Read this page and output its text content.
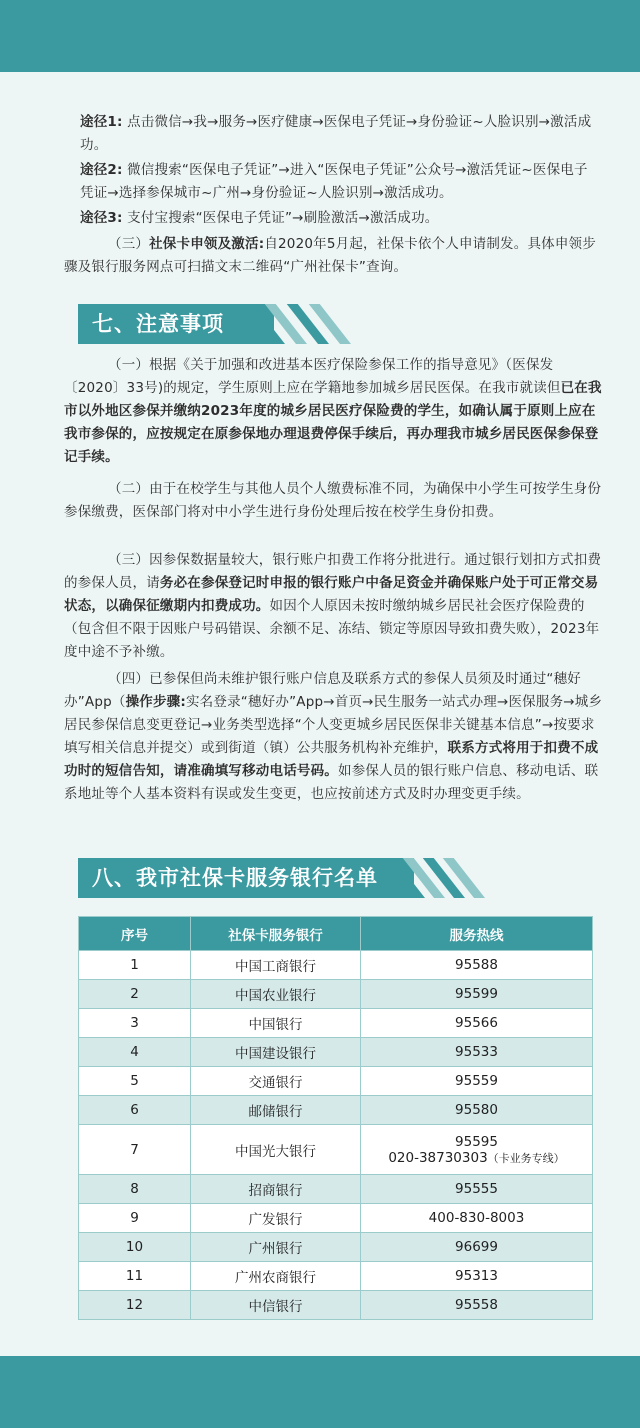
途径1: 点击微信→我→服务→医疗健康→医保电子凭证→身份验证~人脸识别→激活成功。

途径2: 微信搜索“医保电子凭证”→进入“医保电子凭证”公众号→激活凭证~医保电子凭证→选择参保城市~广州→身份验证~人脸识别→激活成功。

途径3: 支付宝搜索“医保电子凭证”→刷脸激活→激活成功。

（三）社保卡申领及激活:自2020年5月起，社保卡依个人申请制发。具体申领步骤及银行服务网点可扫描文末二维码“广州社保卡”查询。

七、注意事项

（一）根据《关于加强和改进基本医疗保险参保工作的指导意见》（医保发〔2020〕33号)的规定，学生原则上应在学籍地参加城乡居民医保。在我市就读但已在我市以外地区参保并缴纳2023年度的城乡居民医疗保险费的学生，如确认属于原则上应在我市参保的，应按规定在原参保地办理退费停保手续后，再办理我市城乡居民医保参保登记手续。

（二）由于在校学生与其他人员个人缴费标准不同，为确保中小学生可按学生身份参保缴费，医保部门将对中小学生进行身份处理后按在校学生身份扣费。

（三）因参保数据量较大，银行账户扣费工作将分批进行。通过银行划扣方式扣费的参保人员，请务必在参保登记时申报的银行账户中备足资金并确保账户处于可正常交易状态，以确保征缴期内扣费成功。如因个人原因未按时缴纳城乡居民社会医疗保险费的（包含但不限于因账户号码错误、余额不足、冻结、锁定等原因导致扣费失败），2023年度中途不予补缴。

（四）已参保但尚未维护银行账户信息及联系方式的参保人员须及时通过“穗好办”App（操作步骤:实名登录“穗好办”App→首页→民生服务一站式办理→医保服务→城乡居民参保信息变更登记→业务类型选择“个人变更城乡居民医保非关键基本信息”→按要求填写相关信息并提交）或到街道（镇）公共服务机构补充维护，联系方式将用于扣费不成功时的短信告知，请准确填写移动电话号码。如参保人员的银行账户信息、移动电话、联系地址等个人基本资料有误或发生变更，也应按前述方式及时办理变更手续。

八、我市社保卡服务银行名单
序号	社保卡服务银行	服务热线
1	中国工商银行	95588
2	中国农业银行	95599
3	中国银行	95566
4	中国建设银行	95533
5	交通银行	95559
6	邮储银行	95580
7	中国光大银行	95595
020-38730303（卡业务专线）

8	招商银行	95555
9	广发银行	400-830-8003
10	广州银行	96699
11	广州农商银行	95313
12	中信银行	95558
